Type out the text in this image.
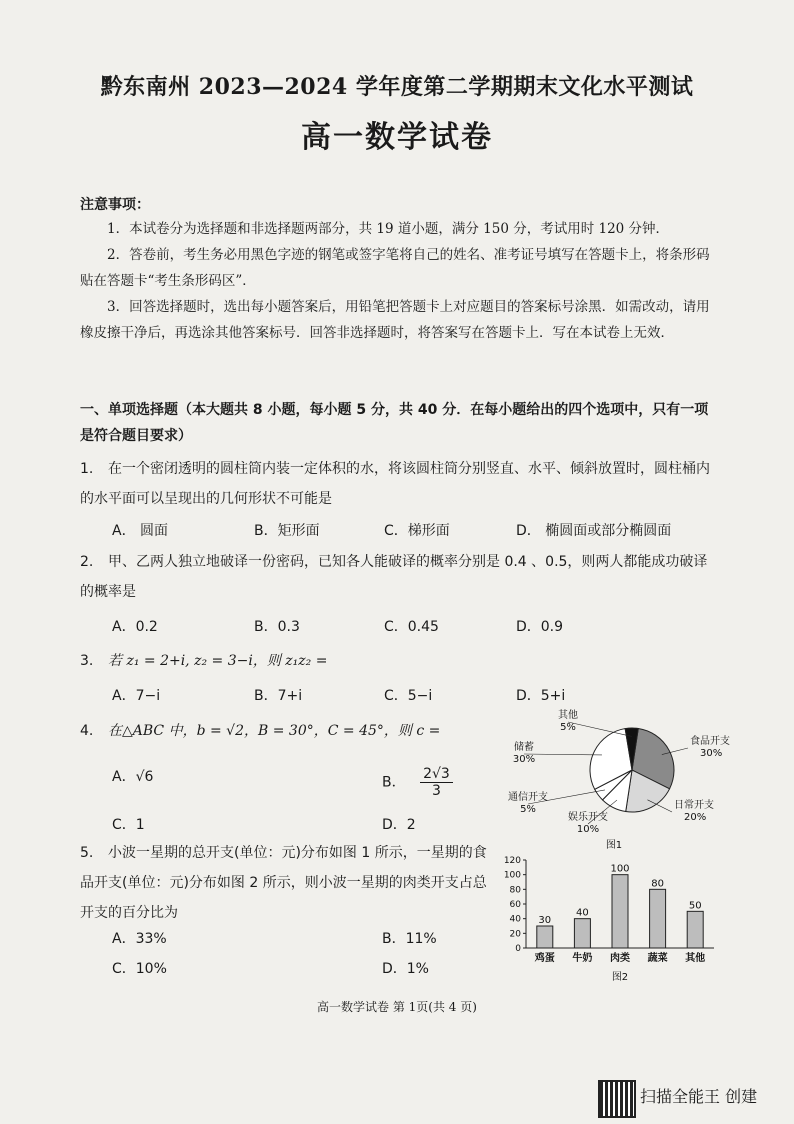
黔东南州 2023—2024 学年度第二学期期末文化水平测试
高一数学试卷
注意事项：
1．本试卷分为选择题和非选择题两部分，共 19 道小题，满分 150 分，考试用时 120 分钟．
2．答卷前，考生务必用黑色字迹的钢笔或签字笔将自己的姓名、准考证号填写在答题卡上，将条形码贴在答题卡“考生条形码区”．
3．回答选择题时，选出每小题答案后，用铅笔把答题卡上对应题目的答案标号涂黑．如需改动，请用橡皮擦干净后，再选涂其他答案标号．回答非选择题时，将答案写在答题卡上．写在本试卷上无效．
一、单项选择题（本大题共 8 小题，每小题 5 分，共 40 分．在每小题给出的四个选项中，只有一项是符合题目要求）
1. 在一个密闭透明的圆柱筒内装一定体积的水，将该圆柱筒分别竖直、水平、倾斜放置时，圆柱桶内的水平面可以呈现出的几何形状不可能是
A． 圆面	B．矩形面	C．梯形面	D． 椭圆面或部分椭圆面
2. 甲、乙两人独立地破译一份密码，已知各人能破译的概率分别是 0.4 、0.5，则两人都能成功破译的概率是
A．0.2	B．0.3	C．0.45	D．0.9
3. 若 z₁ = 2+i, z₂ = 3−i，则 z₁z₂ =
A．7−i	B．7+i	C．5−i	D．5+i
4. 在△ABC 中，b = √2，B = 30°，C = 45°，则 c =
A．√6	B． $\frac{2√3}{3}$
C．1	D．2
5. 小波一星期的总开支(单位：元)分布如图 1 所示，一星期的食品开支(单位：元)分布如图 2 所示，则小波一星期的肉类开支占总开支的百分比为
A．33%	B．11%
C．10%	D．1%
食品开支
30%
日常开支
20%
娱乐开支
10%
通信开支
5%
储蓄
30%
其他
5%
图1
0
20
40
60
80
100
120
30
鸡蛋
40
牛奶
100
肉类
80
蔬菜
50
其他
图2
高一数学试卷 第 1页(共 4 页)
扫描全能王 创建
